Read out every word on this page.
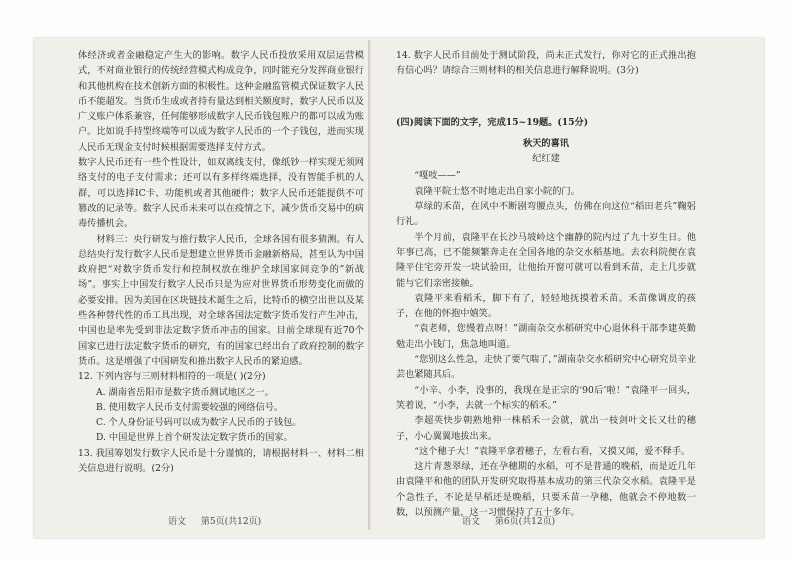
体经济或者金融稳定产生大的影响。数字人民币投放采用双层运营模式，不对商业银行的传统经营模式构成竞争，同时能充分发挥商业银行和其他机构在技术创新方面的积极性。这种金融监管模式保证数字人民币不能超发。当货币生成或者持有量达到相关额度时，数字人民币以及广义账户体系兼容，任何能够形成数字人民币钱包账户的都可以成为账户。比如说手持型终端等可以成为数字人民币的一个子钱包，进而实现人民币无现金支付时候根据需要选择支付方式。

数字人民币还有一些个性设计，如双离线支付，像纸钞一样实现无须网络支付的电子支付需求；还可以有多样终端选择，没有智能手机的人群，可以选择IC卡、功能机或者其他硬件；数字人民币还能提供不可篡改的记录等。数字人民币未来可以在疫情之下，减少货币交易中的病毒传播机会。

材料三：央行研发与推行数字人民币，全球各国有很多猜测。有人总结央行发行数字人民币是想建立世界货币金融新格局，甚至认为中国政府把“对数字货币发行和控制权放在维护全球国家间竞争的”新战场”。事实上中国发行数字人民币只是为应对世界货币形势变化而做的必要安排。因为美国在区块链技术诞生之后，比特币的横空出世以及某些各种替代性的币工具出现，对全球各国法定数字货币发行产生冲击，中国也是率先受到非法定数字货币冲击的国家。目前全球现有近70个国家已进行法定数字货币的研究，有的国家已经出台了政府控制的数字货币。这是增强了中国研发和推出数字人民币的紧迫感。

12. 下列内容与三则材料相符的一项是( )(2分)

A. 湖南省岳阳市是数字货币测试地区之一。

B. 使用数字人民币支付需要较强的网络信号。

C. 个人身份证号码可以成为数字人民币的子钱包。

D. 中国是世界上首个研发法定数字货币的国家。

13. 我国筹划发行数字人民币是十分谨慎的，请根据材料一、材料二相关信息进行说明。(2分)

14. 数字人民币目前处于测试阶段，尚未正式发行，你对它的正式推出抱有信心吗？请综合三则材料的相关信息进行解释说明。(3分)

(四)阅读下面的文字，完成15~19题。(15分)

秋天的喜讯

纪红建

“嘎吱——”

袁隆平院士悠不时地走出自家小院的门。

草绿的禾苗，在风中不断剧弯腰点头，仿佛在向这位“稻田老兵”鞠躬行礼。

半个月前，袁隆平在长沙马坡岭这个幽静的院内过了九十岁生日。他年事已高，已不能频繁奔走在全国各地的杂交水稻基地。去农科院便在袁隆平住宅旁开发一块试验田，让他抬开窗可就可以看到禾苗，走上几步就能与它们亲密接触。

袁隆平来看稻禾，脚下有了，轻轻地抚摸着禾苗。禾苗像调皮的孩子，在他的怀抱中嬉笑。

“袁老师，您慢着点呀！”湖南杂交水稻研究中心退休科干部李建英勤勉走出小钱门，焦急地叫道。

“您别这么性急，走快了要气喘了，”湖南杂交水稻研究中心研究员辛业芸也紧随其后。

“小辛、小李，没事的，我现在是正宗的‘90后’啦！”袁隆平一回头，笑着说，“小李，去就一个标实的稻禾。”

李超英快步朝熟地伸一株稻禾一会就，就出一枝剑叶文长又壮的穗子，小心翼翼地拔出来。

“这个穗子大！”袁隆平拿着穗子，左看右看，又摸又闻，爱不释手。

这片青葱翠绿，还在孕穗期的水稻，可不是普通的晚稻，而是近几年由袁隆平和他的团队开发研究取得基本成功的第三代杂交水稻。袁隆平是个急性子，不论是早稻还是晚稻，只要禾苗一孕穗，他就会不停地数一数，以预测产量，这一习惯保持了五十多年。

语文 第5页(共12页)	语文 第6页(共12页)
